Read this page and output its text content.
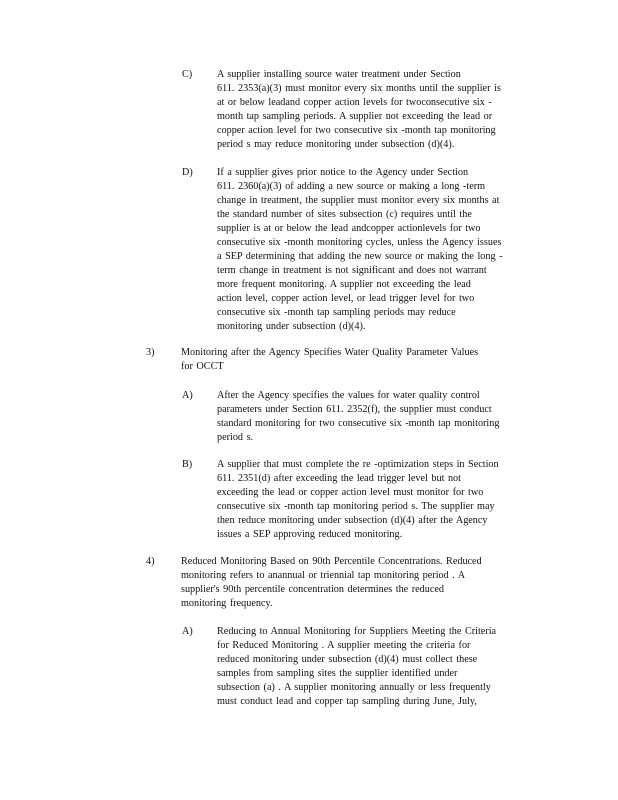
C) A supplier installing source water treatment under Section
611. 2353(a)(3) must monitor every six months until the supplier is
at or below leadand copper action levels for twoconsecutive six -
month tap sampling periods. A supplier not exceeding the lead or
copper action level for two consecutive six -month tap monitoring
period s may reduce monitoring under subsection (d)(4).
D) If a supplier gives prior notice to the Agency under Section
611. 2360(a)(3) of adding a new source or making a long -term
change in treatment, the supplier must monitor every six months at
the standard number of sites subsection (c) requires until the
supplier is at or below the lead andcopper actionlevels for two
consecutive six -month monitoring cycles, unless the Agency issues
a SEP determining that adding the new source or making the long -
term change in treatment is not significant and does not warrant
more frequent monitoring. A supplier not exceeding the lead
action level, copper action level, or lead trigger level for two
consecutive six -month tap sampling periods may reduce
monitoring under subsection (d)(4).
3)	Monitoring after the Agency Specifies Water Quality Parameter Values
for OCCT
A) After the Agency specifies the values for water quality control
parameters under Section 611. 2352(f), the supplier must conduct
standard monitoring for two consecutive six -month tap monitoring
period s.
B) A supplier that must complete the re -optimization steps in Section
611. 2351(d) after exceeding the lead trigger level but not
exceeding the lead or copper action level must monitor for two
consecutive six -month tap monitoring period s. The supplier may
then reduce monitoring under subsection (d)(4) after the Agency
issues a SEP approving reduced monitoring.
4)	Reduced Monitoring Based on 90th Percentile Concentrations. Reduced
monitoring refers to anannual or triennial tap monitoring period . A
supplier's 90th percentile concentration determines the reduced
monitoring frequency.
A) Reducing to Annual Monitoring for Suppliers Meeting the Criteria
for Reduced Monitoring . A supplier meeting the criteria for
reduced monitoring under subsection (d)(4) must collect these
samples from sampling sites the supplier identified under
subsection (a) . A supplier monitoring annually or less frequently
must conduct lead and copper tap sampling during June, July,
